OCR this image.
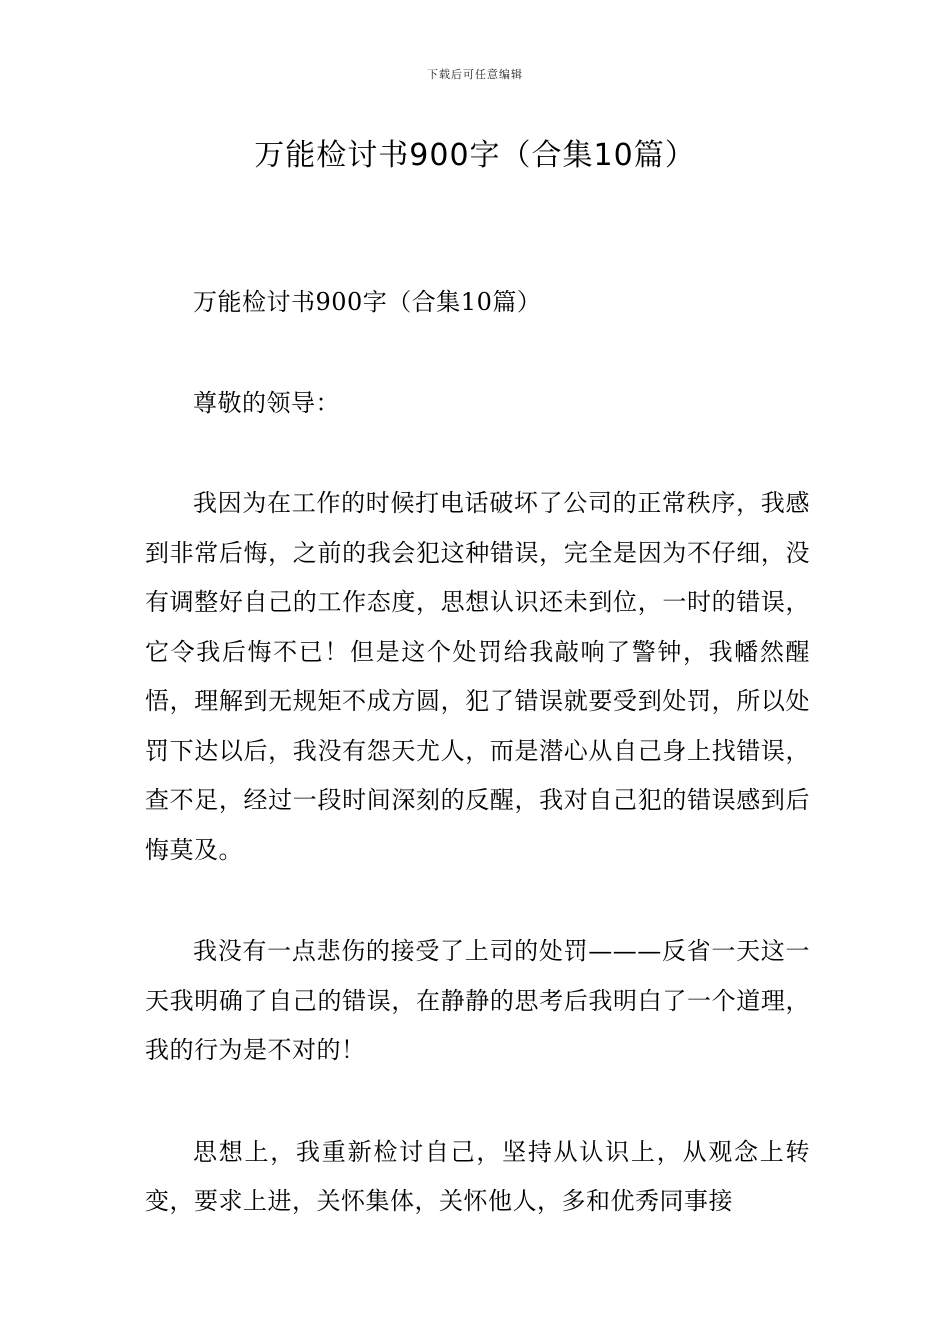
下载后可任意编辑
万能检讨书900字（合集10篇）

万能检讨书900字（合集10篇）

尊敬的领导：

我因为在工作的时候打电话破坏了公司的正常秩序，我感到非常后悔，之前的我会犯这种错误，完全是因为不仔细，没有调整好自己的工作态度，思想认识还未到位，一时的错误，它令我后悔不已！但是这个处罚给我敲响了警钟，我幡然醒悟，理解到无规矩不成方圆，犯了错误就要受到处罚，所以处罚下达以后，我没有怨天尤人，而是潜心从自己身上找错误，查不足，经过一段时间深刻的反醒，我对自己犯的错误感到后悔莫及。

我没有一点悲伤的接受了上司的处罚———反省一天这一天我明确了自己的错误，在静静的思考后我明白了一个道理，我的行为是不对的！

思想上，我重新检讨自己，坚持从认识上，从观念上转变，要求上进，关怀集体，关怀他人，多和优秀同事接
